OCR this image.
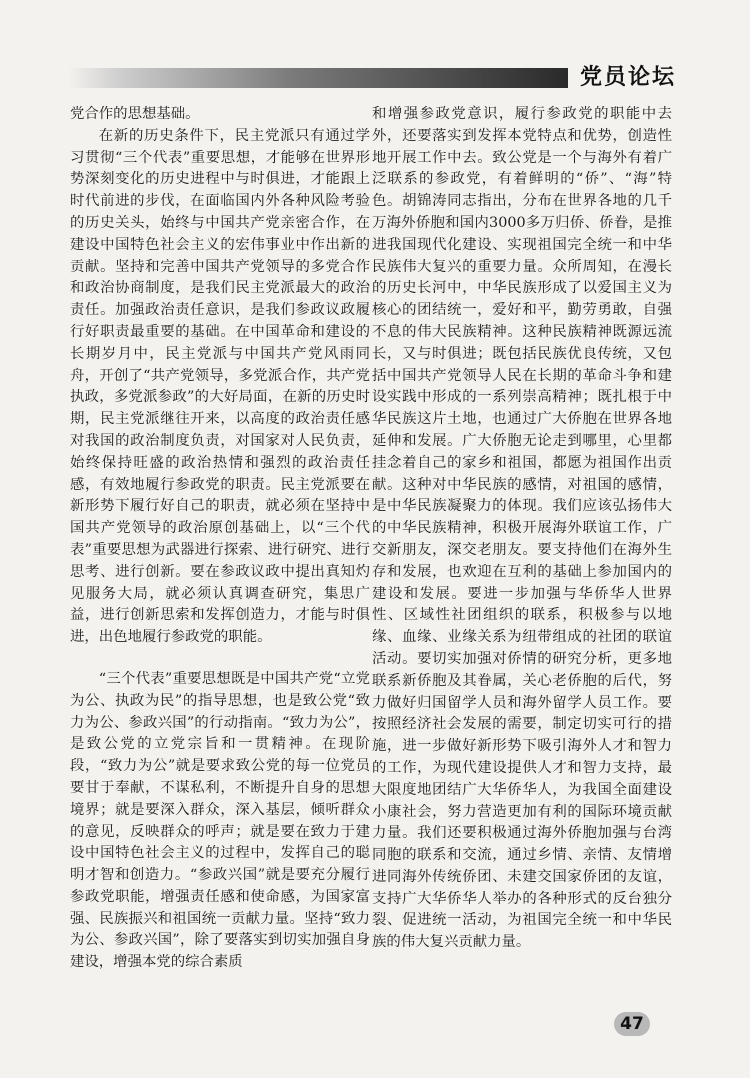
党员论坛

党合作的思想基础。

在新的历史条件下，民主党派只有通过学习贯彻“三个代表”重要思想，才能够在世界形势深刻变化的历史进程中与时俱进，才能跟上时代前进的步伐，在面临国内外各种风险考验的历史关头，始终与中国共产党亲密合作，在建设中国特色社会主义的宏伟事业中作出新的贡献。坚持和完善中国共产党领导的多党合作和政治协商制度，是我们民主党派最大的政治责任。加强政治责任意识，是我们参政议政履行好职责最重要的基础。在中国革命和建设的长期岁月中，民主党派与中国共产党风雨同舟，开创了“共产党领导，多党派合作，共产党执政，多党派参政”的大好局面，在新的历史时期，民主党派继往开来，以高度的政治责任感对我国的政治制度负责，对国家对人民负责，始终保持旺盛的政治热情和强烈的政治责任感，有效地履行参政党的职责。民主党派要在新形势下履行好自己的职责，就必须在坚持中国共产党领导的政治原创基础上，以“三个代表”重要思想为武器进行探索、进行研究、进行思考、进行创新。要在参政议政中提出真知灼见服务大局，就必须认真调查研究，集思广益，进行创新思索和发挥创造力，才能与时俱进，出色地履行参政党的职能。

“三个代表”重要思想既是中国共产党“立党为公、执政为民”的指导思想，也是致公党“致力为公、参政兴国”的行动指南。“致力为公”，是致公党的立党宗旨和一贯精神。在现阶段，“致力为公”就是要求致公党的每一位党员要甘于奉献，不谋私利，不断提升自身的思想境界；就是要深入群众，深入基层，倾听群众的意见，反映群众的呼声；就是要在致力于建设中国特色社会主义的过程中，发挥自己的聪明才智和创造力。“参政兴国”就是要充分履行参政党职能，增强责任感和使命感，为国家富强、民族振兴和祖国统一贡献力量。坚持“致力为公、参政兴国”，除了要落实到切实加强自身建设，增强本党的综合素质

和增强参政党意识，履行参政党的职能中去外，还要落实到发挥本党特点和优势，创造性地开展工作中去。致公党是一个与海外有着广泛联系的参政党，有着鲜明的“侨”、“海”特色。胡锦涛同志指出，分布在世界各地的几千万海外侨胞和国内3000多万归侨、侨眷，是推进我国现代化建设、实现祖国完全统一和中华民族伟大复兴的重要力量。众所周知，在漫长的历史长河中，中华民族形成了以爱国主义为核心的团结统一，爱好和平，勤劳勇敢，自强不息的伟大民族精神。这种民族精神既源远流长，又与时俱进；既包括民族优良传统，又包括中国共产党领导人民在长期的革命斗争和建设实践中形成的一系列崇高精神；既扎根于中华民族这片土地，也通过广大侨胞在世界各地延伸和发展。广大侨胞无论走到哪里，心里都挂念着自己的家乡和祖国，都愿为祖国作出贡献。这种对中华民族的感情，对祖国的感情，是中华民族凝聚力的体现。我们应该弘扬伟大的中华民族精神，积极开展海外联谊工作，广交新朋友，深交老朋友。要支持他们在海外生存和发展，也欢迎在互利的基础上参加国内的建设和发展。要进一步加强与华侨华人世界性、区域性社团组织的联系，积极参与以地缘、血缘、业缘关系为纽带组成的社团的联谊活动。要切实加强对侨情的研究分析，更多地联系新侨胞及其眷属，关心老侨胞的后代，努力做好归国留学人员和海外留学人员工作。要按照经济社会发展的需要，制定切实可行的措施，进一步做好新形势下吸引海外人才和智力的工作，为现代建设提供人才和智力支持，最大限度地团结广大华侨华人，为我国全面建设小康社会，努力营造更加有利的国际环境贡献力量。我们还要积极通过海外侨胞加强与台湾同胞的联系和交流，通过乡情、亲情、友情增进同海外传统侨团、未建交国家侨团的友谊，支持广大华侨华人举办的各种形式的反台独分裂、促进统一活动，为祖国完全统一和中华民族的伟大复兴贡献力量。

47
